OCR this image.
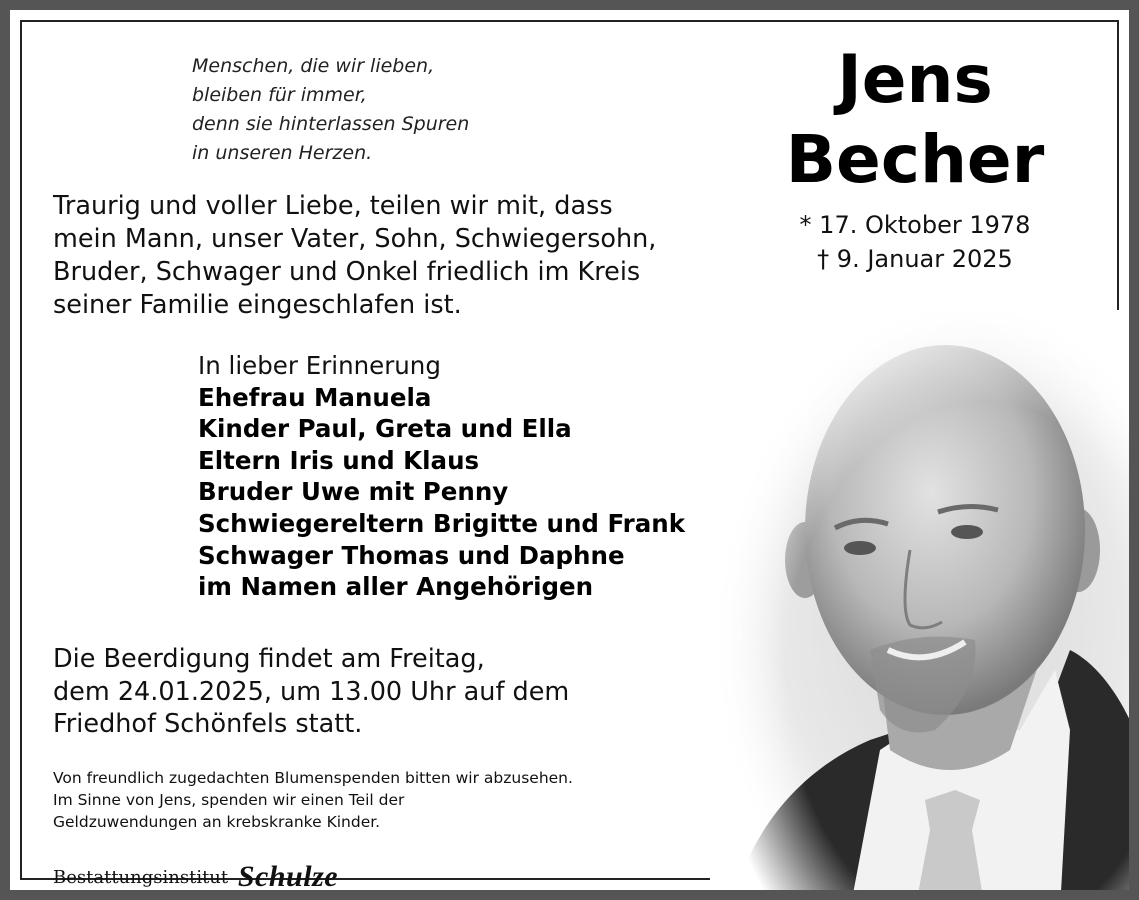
Menschen, die wir lieben,
bleiben für immer,
denn sie hinterlassen Spuren
in unseren Herzen.
Jens
Becher
* 17. Oktober 1978
† 9. Januar 2025
Traurig und voller Liebe, teilen wir mit, dass
mein Mann, unser Vater, Sohn, Schwiegersohn,
Bruder, Schwager und Onkel friedlich im Kreis
seiner Familie eingeschlafen ist.
In lieber Erinnerung
Ehefrau Manuela
Kinder Paul, Greta und Ella
Eltern Iris und Klaus
Bruder Uwe mit Penny
Schwiegereltern Brigitte und Frank
Schwager Thomas und Daphne
im Namen aller Angehörigen
Die Beerdigung findet am Freitag,
dem 24.01.2025, um 13.00 Uhr auf dem
Friedhof Schönfels statt.
Von freundlich zugedachten Blumenspenden bitten wir abzusehen.
Im Sinne von Jens, spenden wir einen Teil der
Geldzuwendungen an krebskranke Kinder.
Bestattungsinstitut Schulze
